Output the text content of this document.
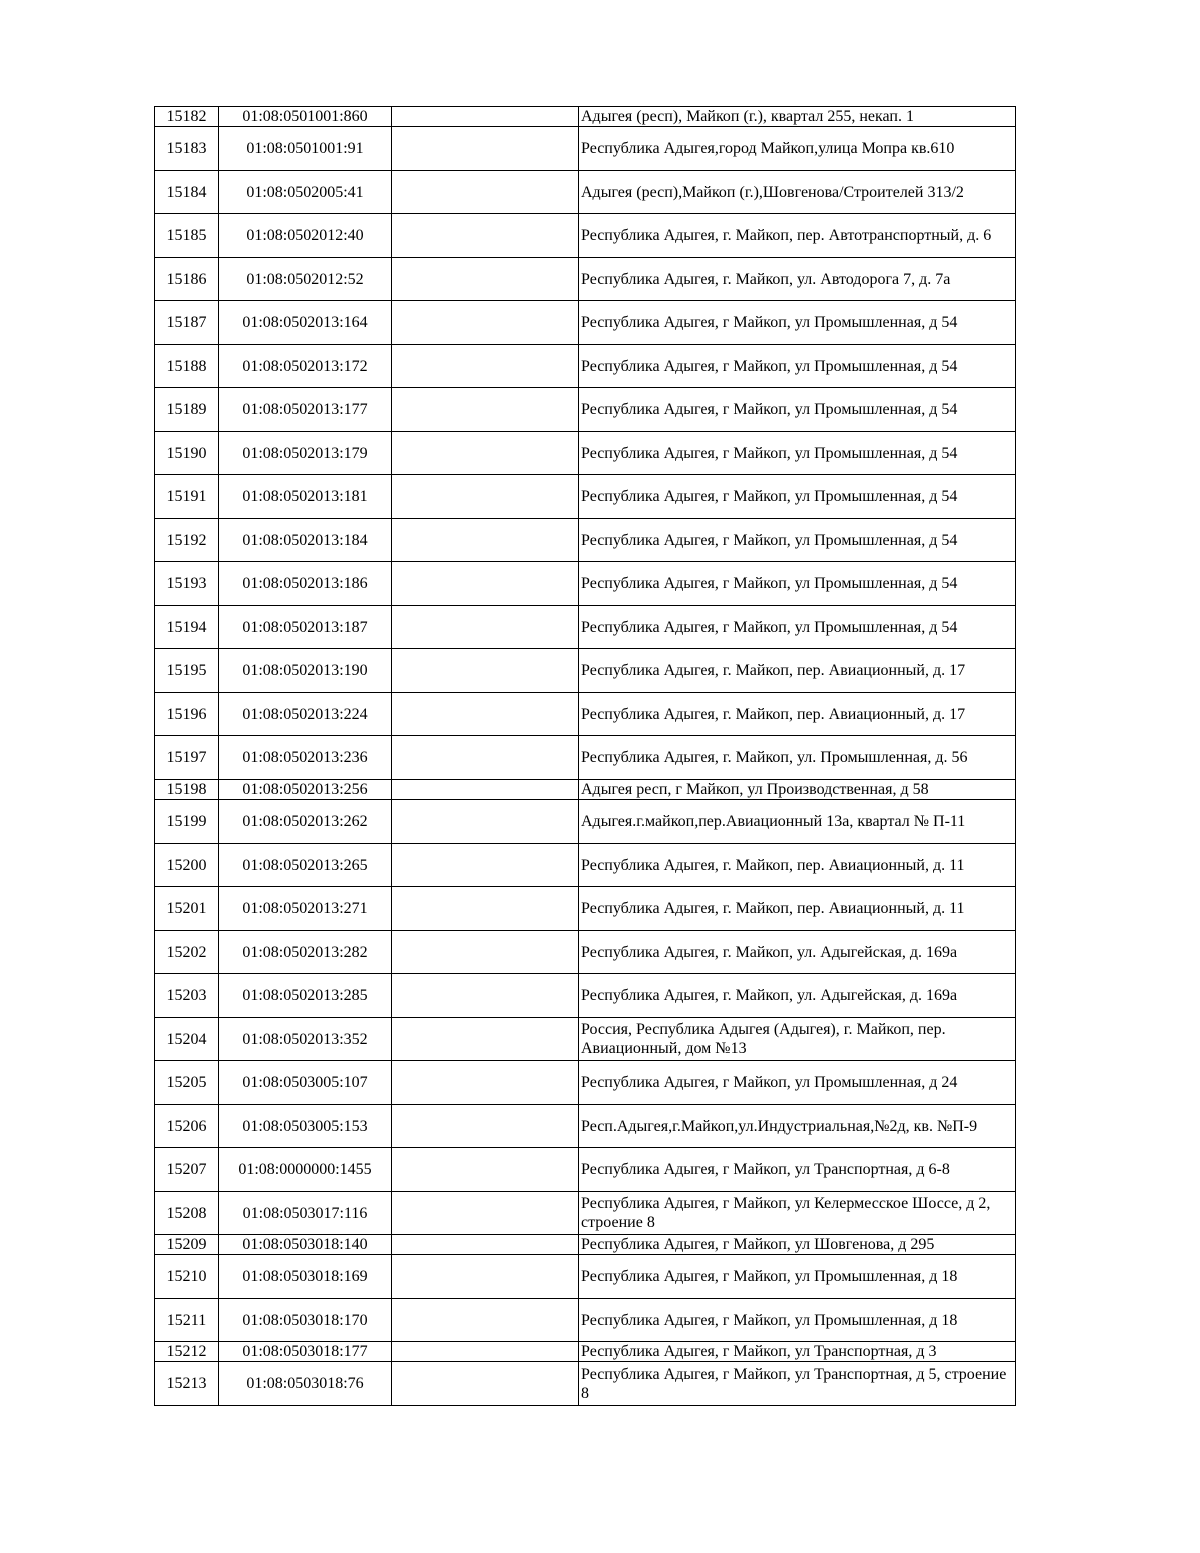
15182	01:08:0501001:860		Адыгея (респ), Майкоп (г.), квартал 255, некап. 1
15183	01:08:0501001:91		Республика Адыгея,город Майкоп,улица Мопра кв.610
15184	01:08:0502005:41		Адыгея (респ),Майкоп (г.),Шовгенова/Строителей 313/2
15185	01:08:0502012:40		Республика Адыгея, г. Майкоп, пер. Автотранспортный, д. 6
15186	01:08:0502012:52		Республика Адыгея, г. Майкоп, ул. Автодорога 7, д. 7а
15187	01:08:0502013:164		Республика Адыгея, г Майкоп, ул Промышленная, д 54
15188	01:08:0502013:172		Республика Адыгея, г Майкоп, ул Промышленная, д 54
15189	01:08:0502013:177		Республика Адыгея, г Майкоп, ул Промышленная, д 54
15190	01:08:0502013:179		Республика Адыгея, г Майкоп, ул Промышленная, д 54
15191	01:08:0502013:181		Республика Адыгея, г Майкоп, ул Промышленная, д 54
15192	01:08:0502013:184		Республика Адыгея, г Майкоп, ул Промышленная, д 54
15193	01:08:0502013:186		Республика Адыгея, г Майкоп, ул Промышленная, д 54
15194	01:08:0502013:187		Республика Адыгея, г Майкоп, ул Промышленная, д 54
15195	01:08:0502013:190		Республика Адыгея, г. Майкоп, пер. Авиационный, д. 17
15196	01:08:0502013:224		Республика Адыгея, г. Майкоп, пер. Авиационный, д. 17
15197	01:08:0502013:236		Республика Адыгея, г. Майкоп, ул. Промышленная, д. 56
15198	01:08:0502013:256		Адыгея респ, г Майкоп, ул Производственная, д 58
15199	01:08:0502013:262		Адыгея.г.майкоп,пер.Авиационный 13а, квартал № П-11
15200	01:08:0502013:265		Республика Адыгея, г. Майкоп, пер. Авиационный, д. 11
15201	01:08:0502013:271		Республика Адыгея, г. Майкоп, пер. Авиационный, д. 11
15202	01:08:0502013:282		Республика Адыгея, г. Майкоп, ул. Адыгейская, д. 169а
15203	01:08:0502013:285		Республика Адыгея, г. Майкоп, ул. Адыгейская, д. 169а
15204	01:08:0502013:352		Россия, Республика Адыгея (Адыгея), г. Майкоп, пер. Авиационный, дом №13
15205	01:08:0503005:107		Республика Адыгея, г Майкоп, ул Промышленная, д 24
15206	01:08:0503005:153		Респ.Адыгея,г.Майкоп,ул.Индустриальная,№2д, кв. №П-9
15207	01:08:0000000:1455		Республика Адыгея, г Майкоп, ул Транспортная, д 6-8
15208	01:08:0503017:116		Республика Адыгея, г Майкоп, ул Келермесское Шоссе, д 2, строение 8
15209	01:08:0503018:140		Республика Адыгея, г Майкоп, ул Шовгенова, д 295
15210	01:08:0503018:169		Республика Адыгея, г Майкоп, ул Промышленная, д 18
15211	01:08:0503018:170		Республика Адыгея, г Майкоп, ул Промышленная, д 18
15212	01:08:0503018:177		Республика Адыгея, г Майкоп, ул Транспортная, д 3
15213	01:08:0503018:76		Республика Адыгея, г Майкоп, ул Транспортная, д 5, строение 8
